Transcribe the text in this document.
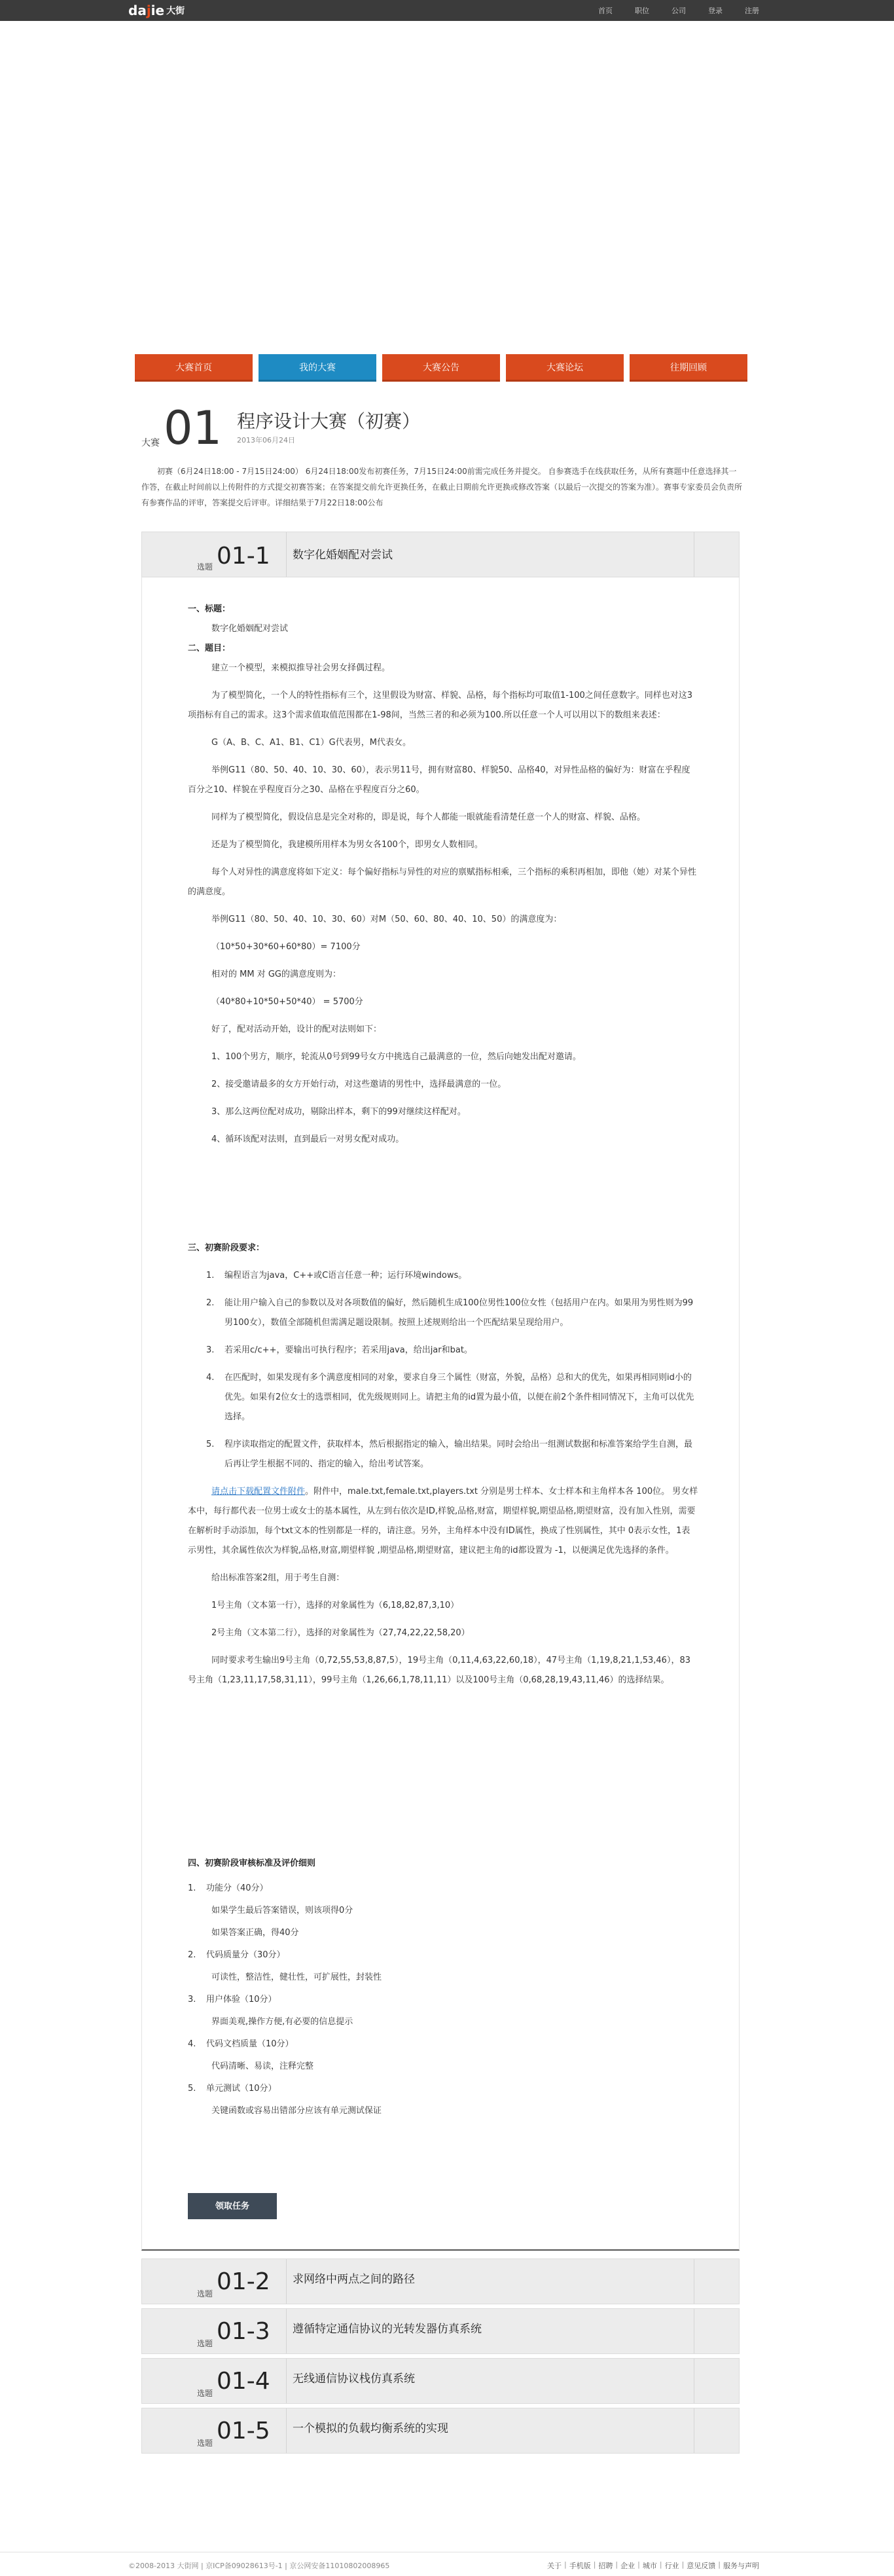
dajie 大街	首页	职位	公司	登录	注册
大赛首页	我的大赛	大赛公告	大赛论坛	往期回顾
大赛 01 程序设计大赛（初赛）
2013年06月24日
初赛（6月24日18:00 - 7月15日24:00） 6月24日18:00发布初赛任务，7月15日24:00前需完成任务并提交。 自参赛选手在线获取任务，从所有赛题中任意选择其一作答，在截止时间前以上传附件的方式提交初赛答案；在答案提交前允许更换任务，在截止日期前允许更换或修改答案（以最后一次提交的答案为准）。赛事专家委员会负责所有参赛作品的评审，答案提交后评审。详细结果于7月22日18:00公布
选题 01-1 数字化婚姻配对尝试
一、标题：
数字化婚姻配对尝试
二、题目：
建立一个模型，来模拟推导社会男女择偶过程。
为了模型简化，一个人的特性指标有三个，这里假设为财富、样貌、品格，每个指标均可取值1-100之间任意数字。同样也对这3项指标有自己的需求。这3个需求值取值范围都在1-98间，当然三者的和必须为100.所以任意一个人可以用以下的数组来表述：
G（A、B、C、A1、B1、C1）G代表男，M代表女。
举例G11（80、50、40、10、30、60），表示男11号，拥有财富80、样貌50、品格40，对异性品格的偏好为：财富在乎程度百分之10、样貌在乎程度百分之30、品格在乎程度百分之60。
同样为了模型简化，假设信息是完全对称的，即是说，每个人都能一眼就能看清楚任意一个人的财富、样貌、品格。
还是为了模型简化，我建模所用样本为男女各100个，即男女人数相同。
每个人对异性的满意度将如下定义：每个偏好指标与异性的对应的禀赋指标相乘，三个指标的乘积再相加，即他（她）对某个异性的满意度。
举例G11（80、50、40、10、30、60）对M（50、60、80、40、10、50）的满意度为：
（10*50+30*60+60*80）= 7100分
相对的 MM 对 GG的满意度则为：
（40*80+10*50+50*40） = 5700分
好了，配对活动开始，设计的配对法则如下：
1、100个男方，顺序，轮流从0号到99号女方中挑选自己最满意的一位，然后向她发出配对邀请。
2、接受邀请最多的女方开始行动，对这些邀请的男性中，选择最满意的一位。
3、那么这两位配对成功，剔除出样本，剩下的99对继续这样配对。
4、循环该配对法则，直到最后一对男女配对成功。
三、初赛阶段要求：
1. 编程语言为java，C++或C语言任意一种；运行环境windows。
2. 能让用户输入自己的参数以及对各项数值的偏好，然后随机生成100位男性100位女性（包括用户在内。如果用为男性则为99男100女），数值全部随机但需满足题设限制。按照上述规则给出一个匹配结果呈现给用户。
3. 若采用c/c++，要输出可执行程序；若采用java，给出jar和bat。
4. 在匹配时，如果发现有多个满意度相同的对象，要求自身三个属性（财富，外貌，品格）总和大的优先，如果再相同则id小的优先。如果有2位女士的选票相同，优先级规则同上。请把主角的id置为最小值，以便在前2个条件相同情况下，主角可以优先选择。
5. 程序读取指定的配置文件，获取样本，然后根据指定的输入，输出结果。同时会给出一组测试数据和标准答案给学生自测，最后再让学生根据不同的、指定的输入，给出考试答案。
请点击下载配置文件附件。附件中，male.txt,female.txt,players.txt 分别是男士样本、女士样本和主角样本各 100位。 男女样本中，每行都代表一位男士或女士的基本属性，从左到右依次是ID,样貌,品格,财富，期望样貌,期望品格,期望财富，没有加入性别，需要在解析时手动添加，每个txt文本的性别都是一样的，请注意。另外，主角样本中没有ID属性，换成了性别属性，其中 0表示女性，1表示男性，其余属性依次为样貌,品格,财富,期望样貌 ,期望品格,期望财富，建议把主角的id都设置为 -1，以便满足优先选择的条件。
给出标准答案2组，用于考生自测：
1号主角（文本第一行），选择的对象属性为（6,18,82,87,3,10）
2号主角（文本第二行），选择的对象属性为（27,74,22,22,58,20）
同时要求考生输出9号主角（0,72,55,53,8,87,5），19号主角（0,11,4,63,22,60,18），47号主角（1,19,8,21,1,53,46），83号主角（1,23,11,17,58,31,11），99号主角（1,26,66,1,78,11,11）以及100号主角（0,68,28,19,43,11,46）的选择结果。
四、初赛阶段审核标准及评价细则
1. 功能分（40分）
如果学生最后答案错误，则该项得0分
如果答案正确，得40分
2. 代码质量分（30分）
可读性，整洁性，健壮性，可扩展性，封装性
3. 用户体验（10分）
界面美观,操作方便,有必要的信息提示
4. 代码文档质量（10分）
代码清晰、易读，注释完整
5. 单元测试（10分）
关键函数或容易出错部分应该有单元测试保证
领取任务
选题 01-2 求网络中两点之间的路径
选题 01-3 遵循特定通信协议的光转发器仿真系统
选题 01-4 无线通信协议栈仿真系统
选题 01-5 一个模拟的负载均衡系统的实现
©2008-2013 大街网 | 京ICP备09028613号-1 | 京公网安备11010802008965	关于 | 手机版 | 招聘 | 企业 | 城市 | 行业 | 意见反馈 | 服务与声明
